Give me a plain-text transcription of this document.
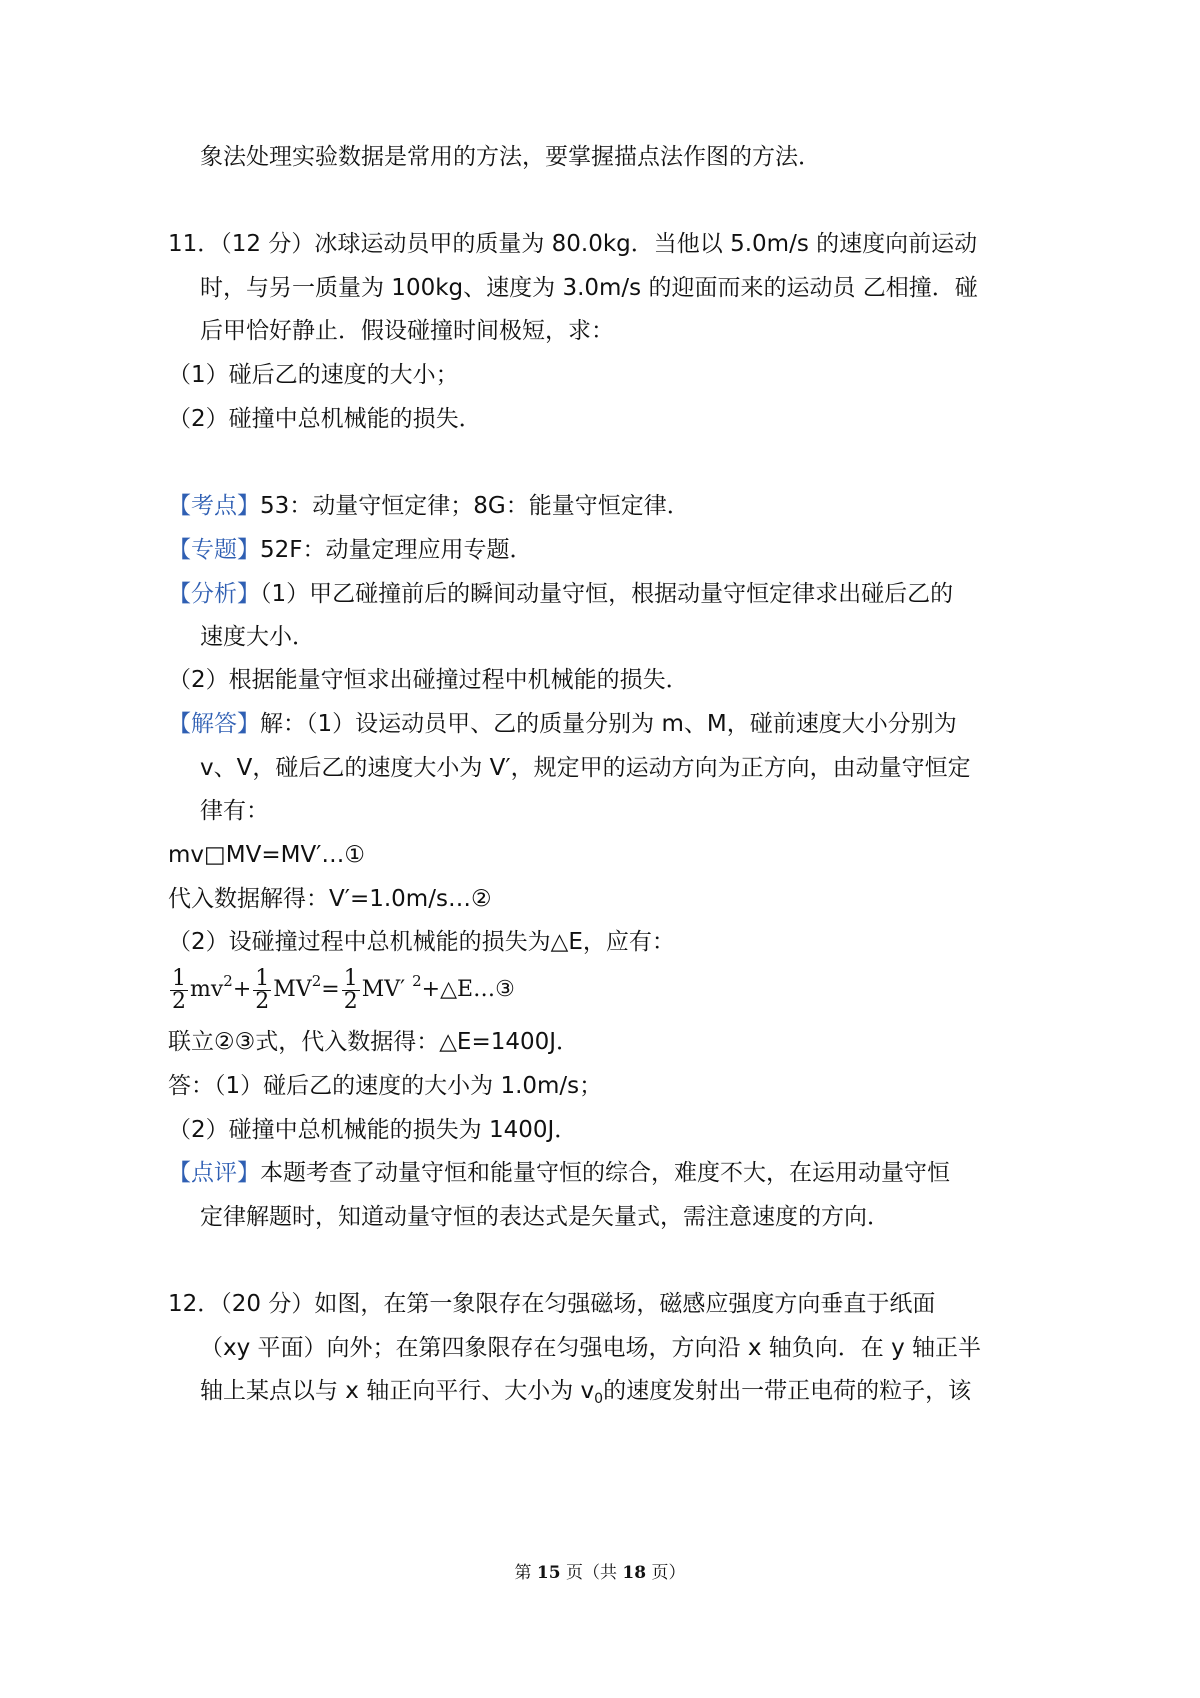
象法处理实验数据是常用的方法，要掌握描点法作图的方法．
11．（12 分）冰球运动员甲的质量为 80.0kg．当他以 5.0m/s 的速度向前运动
时，与另一质量为 100kg、速度为 3.0m/s 的迎面而来的运动员 乙相撞．碰
后甲恰好静止．假设碰撞时间极短，求：
（1）碰后乙的速度的大小；
（2）碰撞中总机械能的损失．
【考点】53：动量守恒定律；8G：能量守恒定律．
【专题】52F：动量定理应用专题．
【分析】（1）甲乙碰撞前后的瞬间动量守恒，根据动量守恒定律求出碰后乙的
速度大小．
（2）根据能量守恒求出碰撞过程中机械能的损失．
【解答】解：（1）设运动员甲、乙的质量分别为 m、M，碰前速度大小分别为
v、V，碰后乙的速度大小为 V′，规定甲的运动方向为正方向，由动量守恒定
律有：
mv□MV=MV′…①
代入数据解得：V′=1.0m/s…②
（2）设碰撞过程中总机械能的损失为△E，应有：
$\frac{1}{2} mv^2+ \frac{1}{2} MV^2= \frac{1}{2} MV'$ $^2$+△E…③
联立②③式，代入数据得：△E=1400J．
答：（1）碰后乙的速度的大小为 1.0m/s；
（2）碰撞中总机械能的损失为 1400J．
【点评】本题考查了动量守恒和能量守恒的综合，难度不大，在运用动量守恒
定律解题时，知道动量守恒的表达式是矢量式，需注意速度的方向．
12．（20 分）如图，在第一象限存在匀强磁场，磁感应强度方向垂直于纸面
（xy 平面）向外；在第四象限存在匀强电场，方向沿 x 轴负向．在 y 轴正半
轴上某点以与 x 轴正向平行、大小为 $v_0$的速度发射出一带正电荷的粒子，该
第 15 页（共 18 页）
